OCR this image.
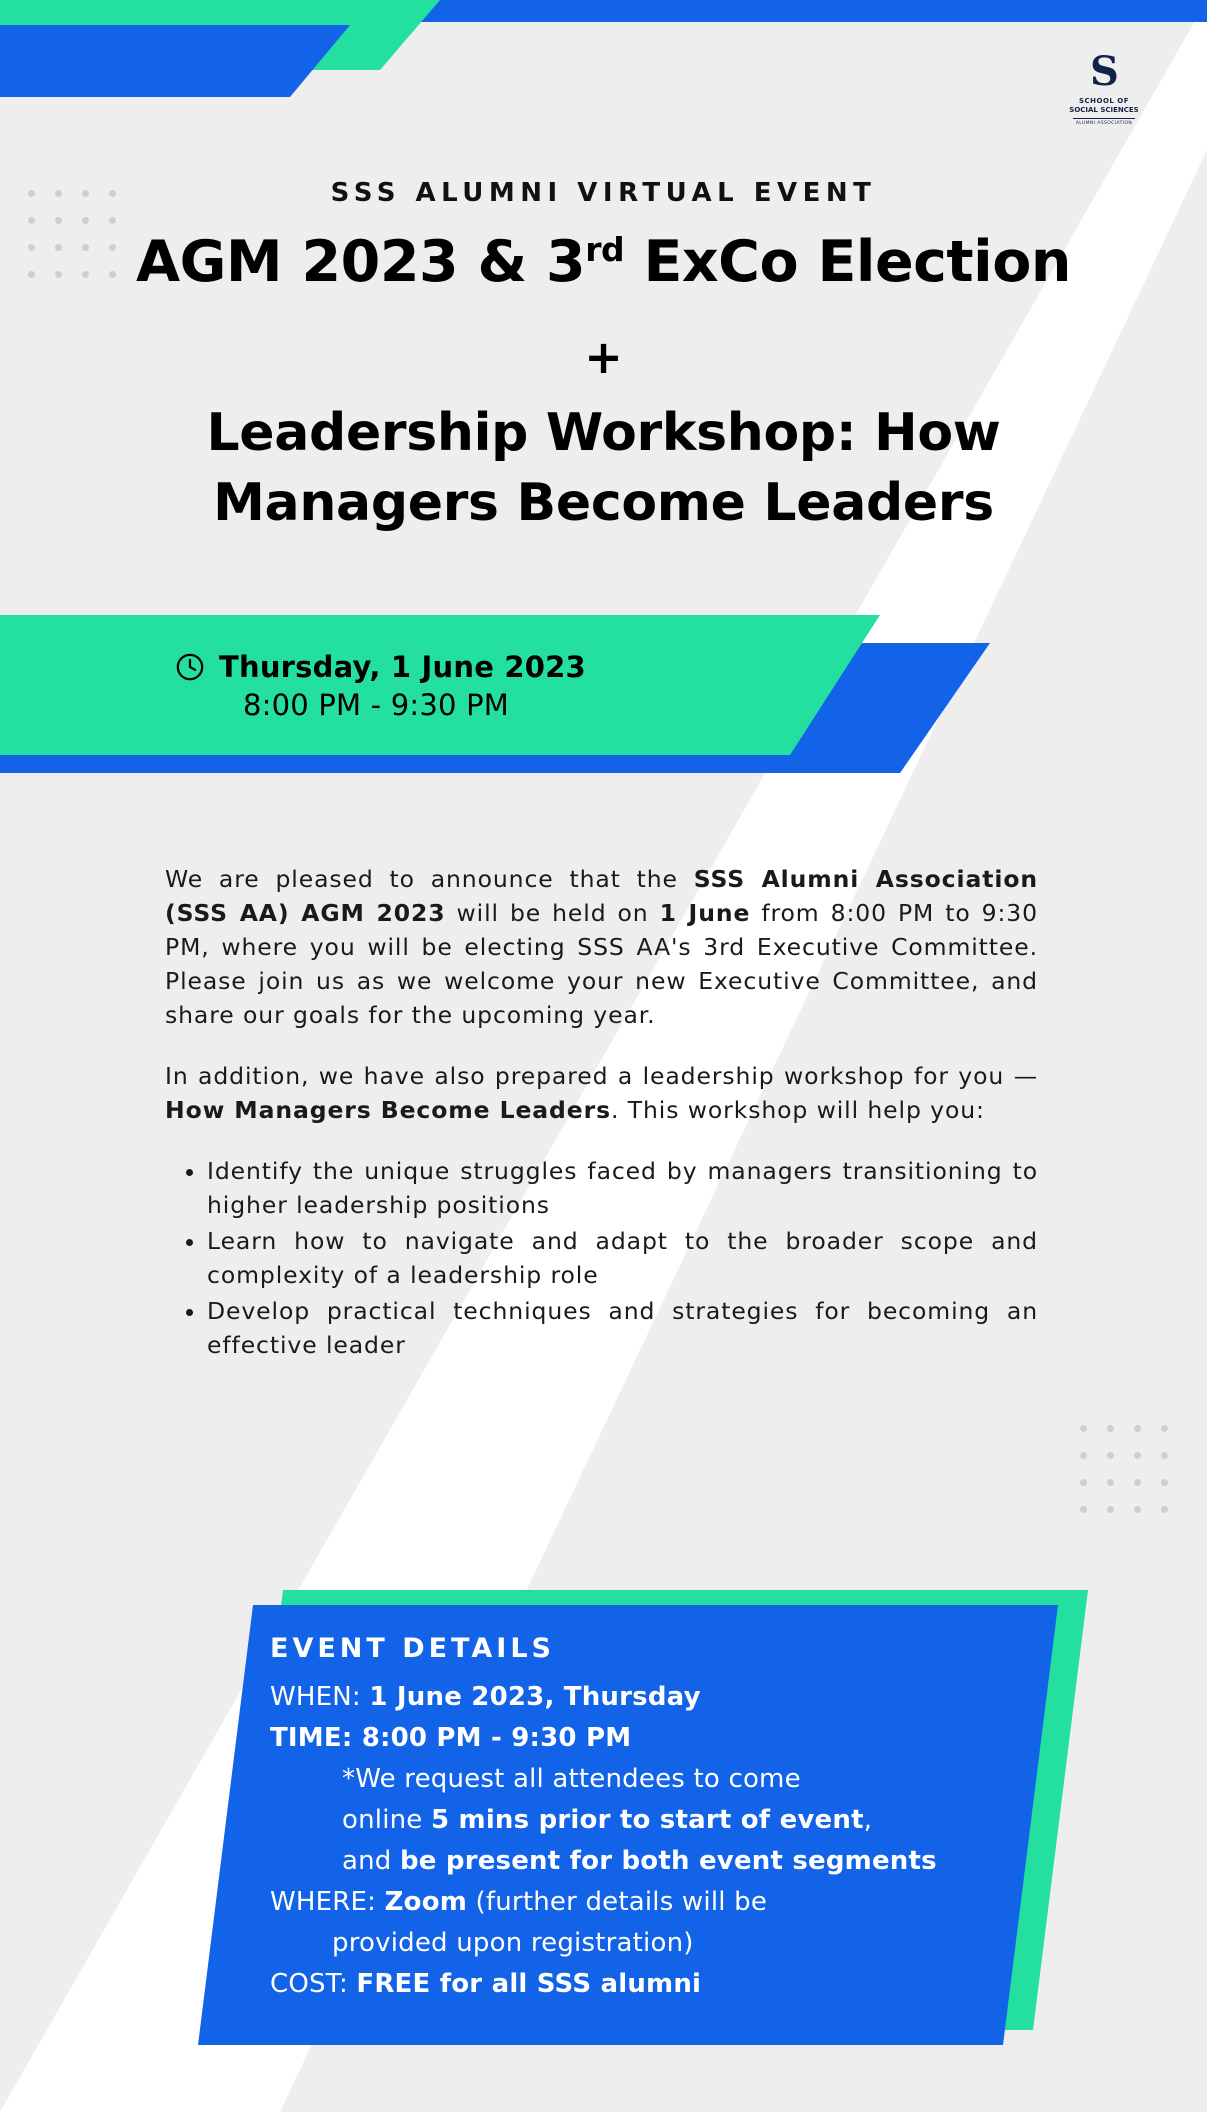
S
SCHOOL OF
SOCIAL SCIENCES
ALUMNI ASSOCIATION
SSS ALUMNI VIRTUAL EVENT
AGM 2023 & 3rd ExCo Election
+
Leadership Workshop: How Managers Become Leaders
Thursday, 1 June 2023
8:00 PM - 9:30 PM

We are pleased to announce that the SSS Alumni Association (SSS AA) AGM 2023 will be held on 1 June from 8:00 PM to 9:30 PM, where you will be electing SSS AA's 3rd Executive Committee. Please join us as we welcome your new Executive Committee, and share our goals for the upcoming year.

In addition, we have also prepared a leadership workshop for you — How Managers Become Leaders. This workshop will help you:

• Identify the unique struggles faced by managers transitioning to higher leadership positions
• Learn how to navigate and adapt to the broader scope and complexity of a leadership role
• Develop practical techniques and strategies for becoming an effective leader
EVENT DETAILS
WHEN: 1 June 2023, Thursday
TIME: 8:00 PM - 9:30 PM
*We request all attendees to come
online 5 mins prior to start of event,
and be present for both event segments
WHERE: Zoom (further details will be
provided upon registration)
COST: FREE for all SSS alumni
